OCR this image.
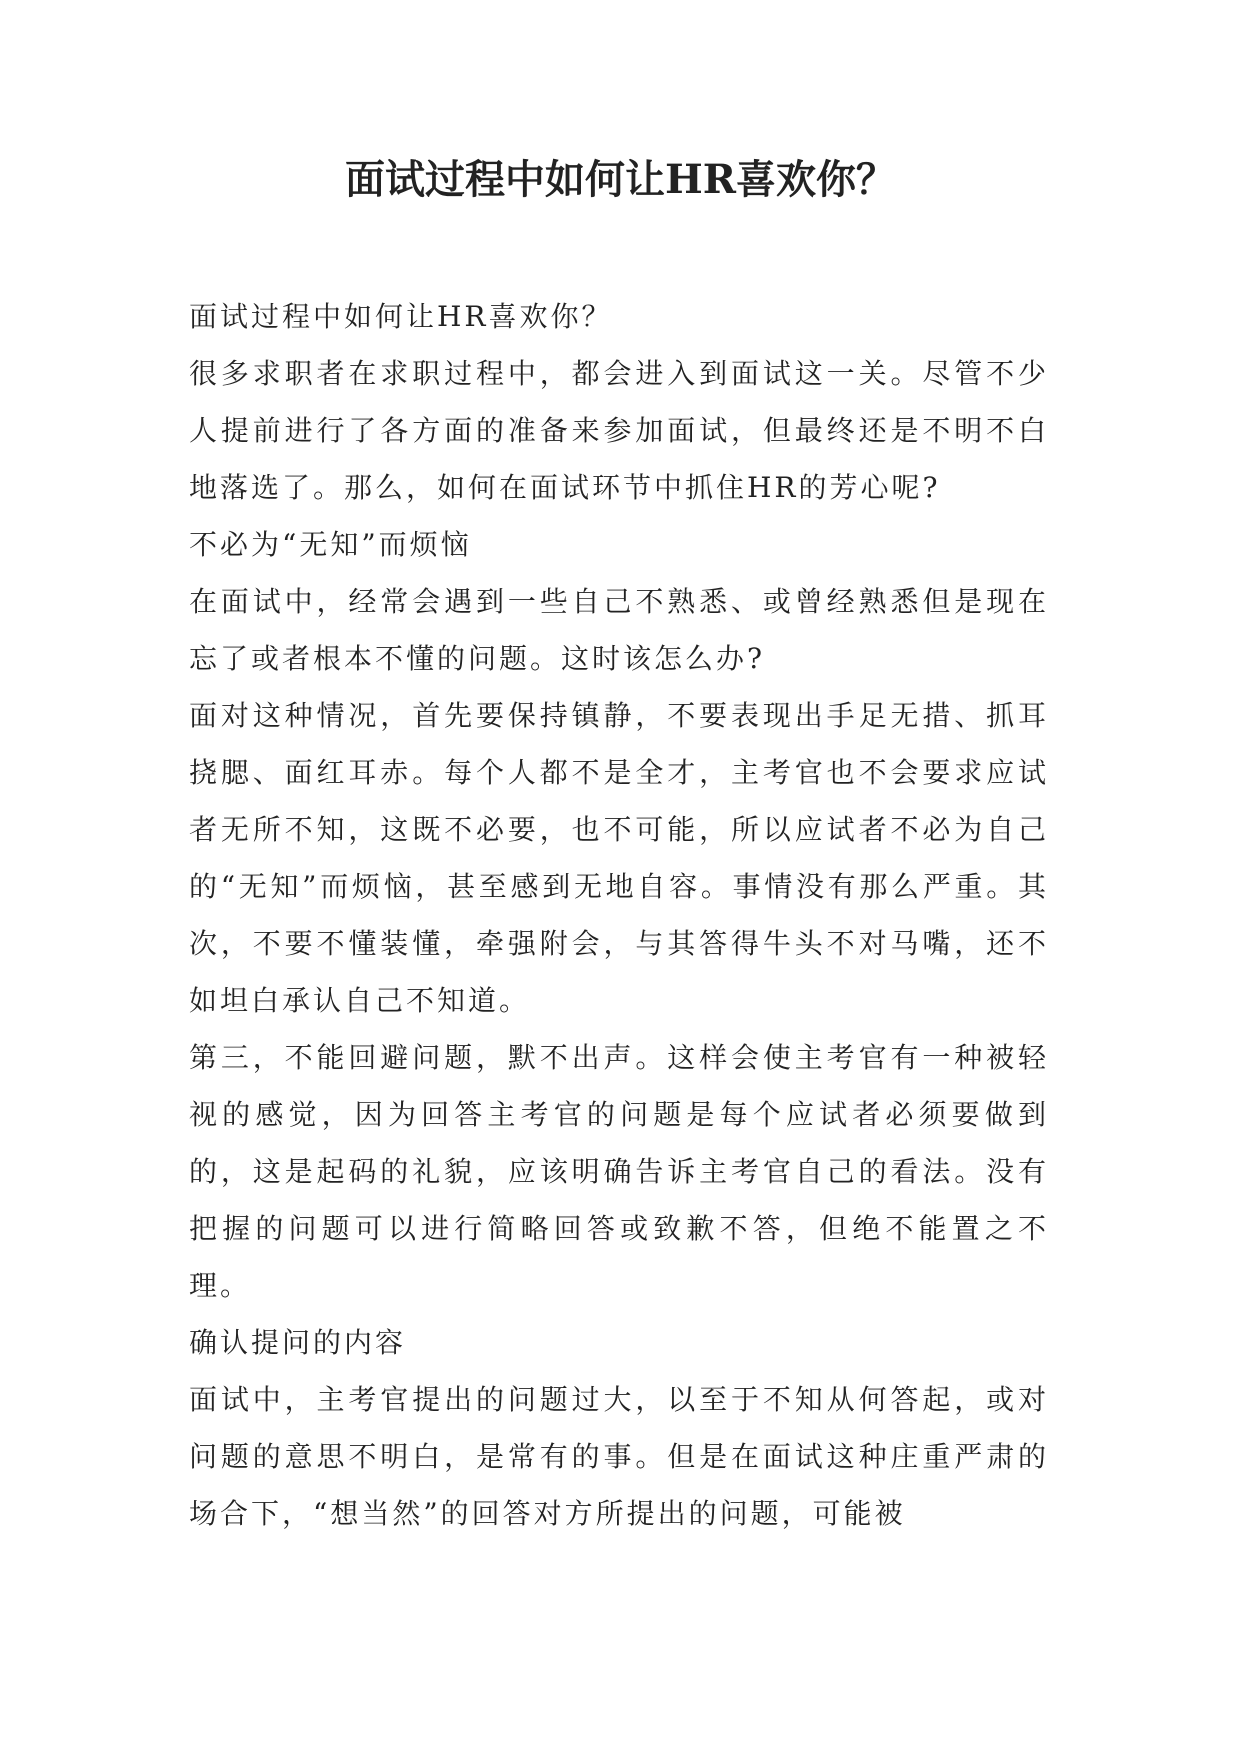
面试过程中如何让HR喜欢你？

面试过程中如何让HR喜欢你？

很多求职者在求职过程中，都会进入到面试这一关。尽管不少人提前进行了各方面的准备来参加面试，但最终还是不明不白地落选了。那么，如何在面试环节中抓住HR的芳心呢?

不必为“无知”而烦恼

在面试中，经常会遇到一些自己不熟悉、或曾经熟悉但是现在忘了或者根本不懂的问题。这时该怎么办?

面对这种情况，首先要保持镇静，不要表现出手足无措、抓耳挠腮、面红耳赤。每个人都不是全才，主考官也不会要求应试者无所不知，这既不必要，也不可能，所以应试者不必为自己的“无知”而烦恼，甚至感到无地自容。事情没有那么严重。其次，不要不懂装懂，牵强附会，与其答得牛头不对马嘴，还不如坦白承认自己不知道。

第三，不能回避问题，默不出声。这样会使主考官有一种被轻视的感觉，因为回答主考官的问题是每个应试者必须要做到的，这是起码的礼貌，应该明确告诉主考官自己的看法。没有把握的问题可以进行简略回答或致歉不答，但绝不能置之不理。

确认提问的内容

面试中，主考官提出的问题过大，以至于不知从何答起，或对问题的意思不明白，是常有的事。但是在面试这种庄重严肃的场合下，“想当然”的回答对方所提出的问题，可能被
